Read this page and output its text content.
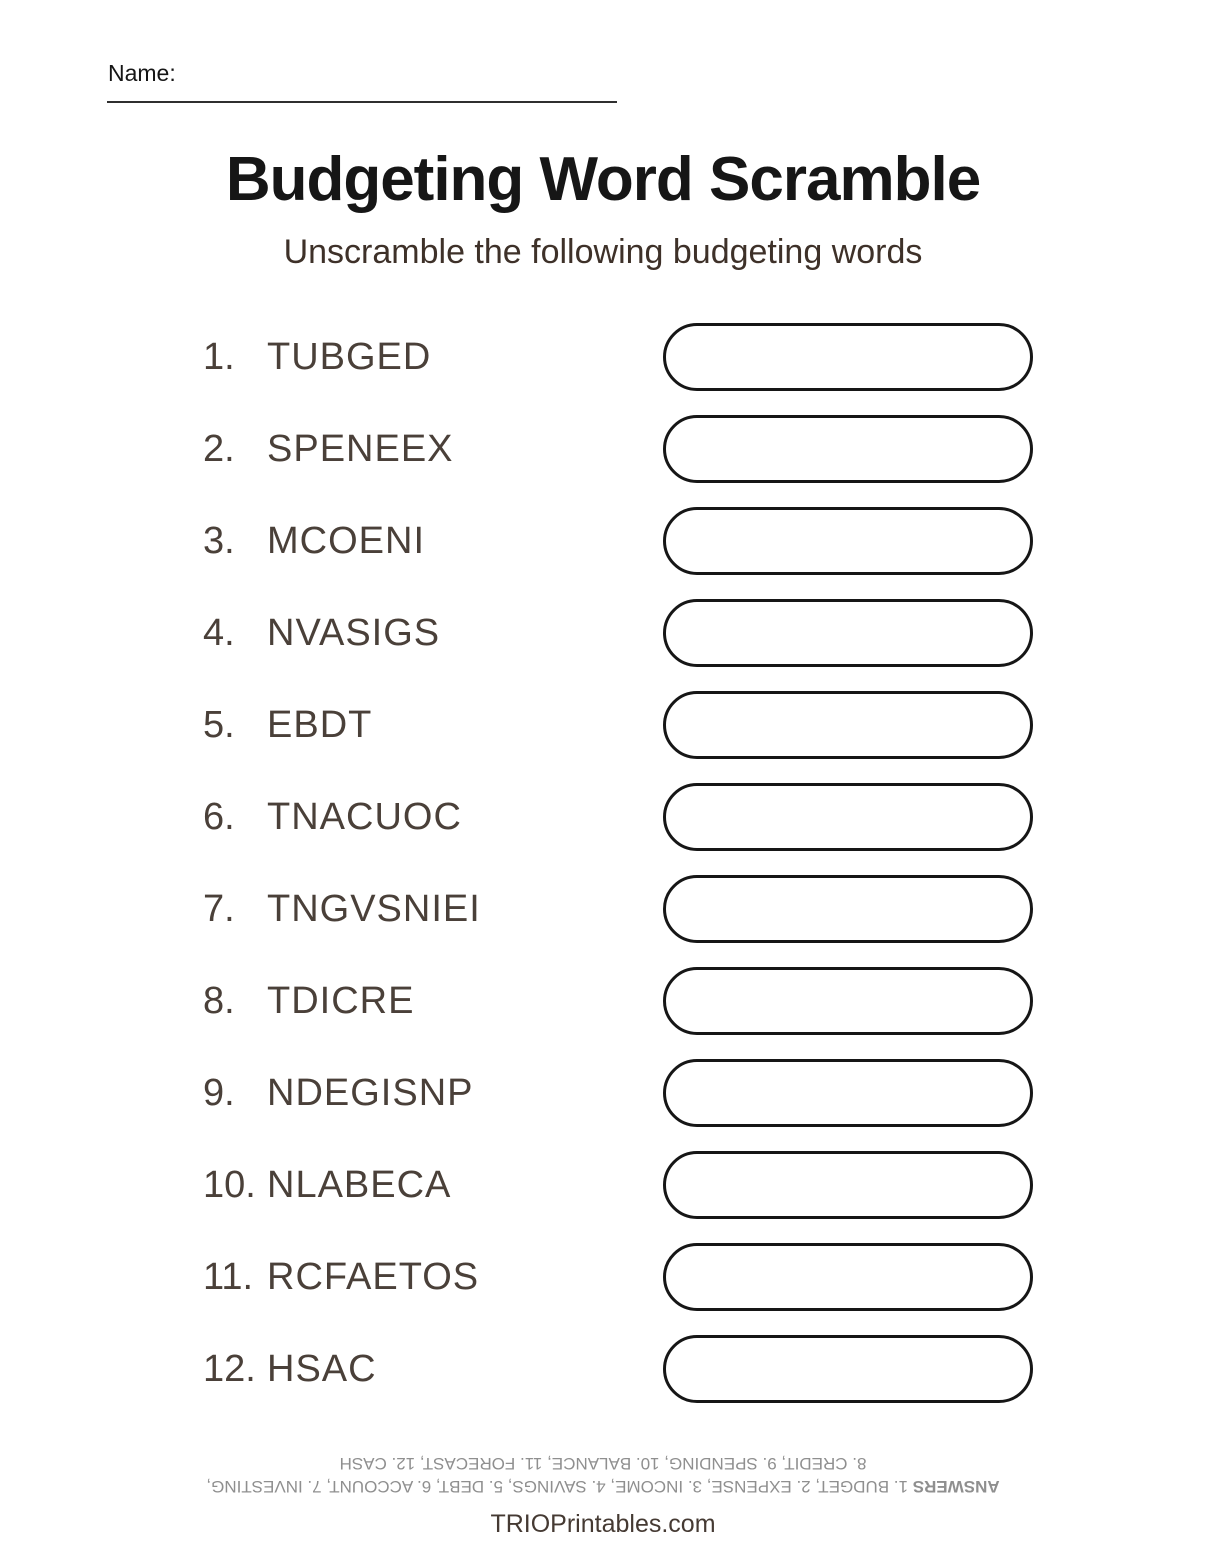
Name:
Budgeting Word Scramble

Unscramble the following budgeting words

1. TUBGED
2. SPENEEX
3. MCOENI
4. NVASIGS
5. EBDT
6. TNACUOC
7. TNGVSNIEI
8. TDICRE
9. NDEGISNP
10. NLABECA
11. RCFAETOS
12. HSAC

ANSWERS 1. BUDGET, 2. EXPENSE, 3. INCOME, 4. SAVINGS, 5. DEBT, 6. ACCOUNT, 7. INVESTING,

8. CREDIT, 9. SPENDING, 10. BALANCE, 11. FORECAST, 12. CASH

TRIOPrintables.com
